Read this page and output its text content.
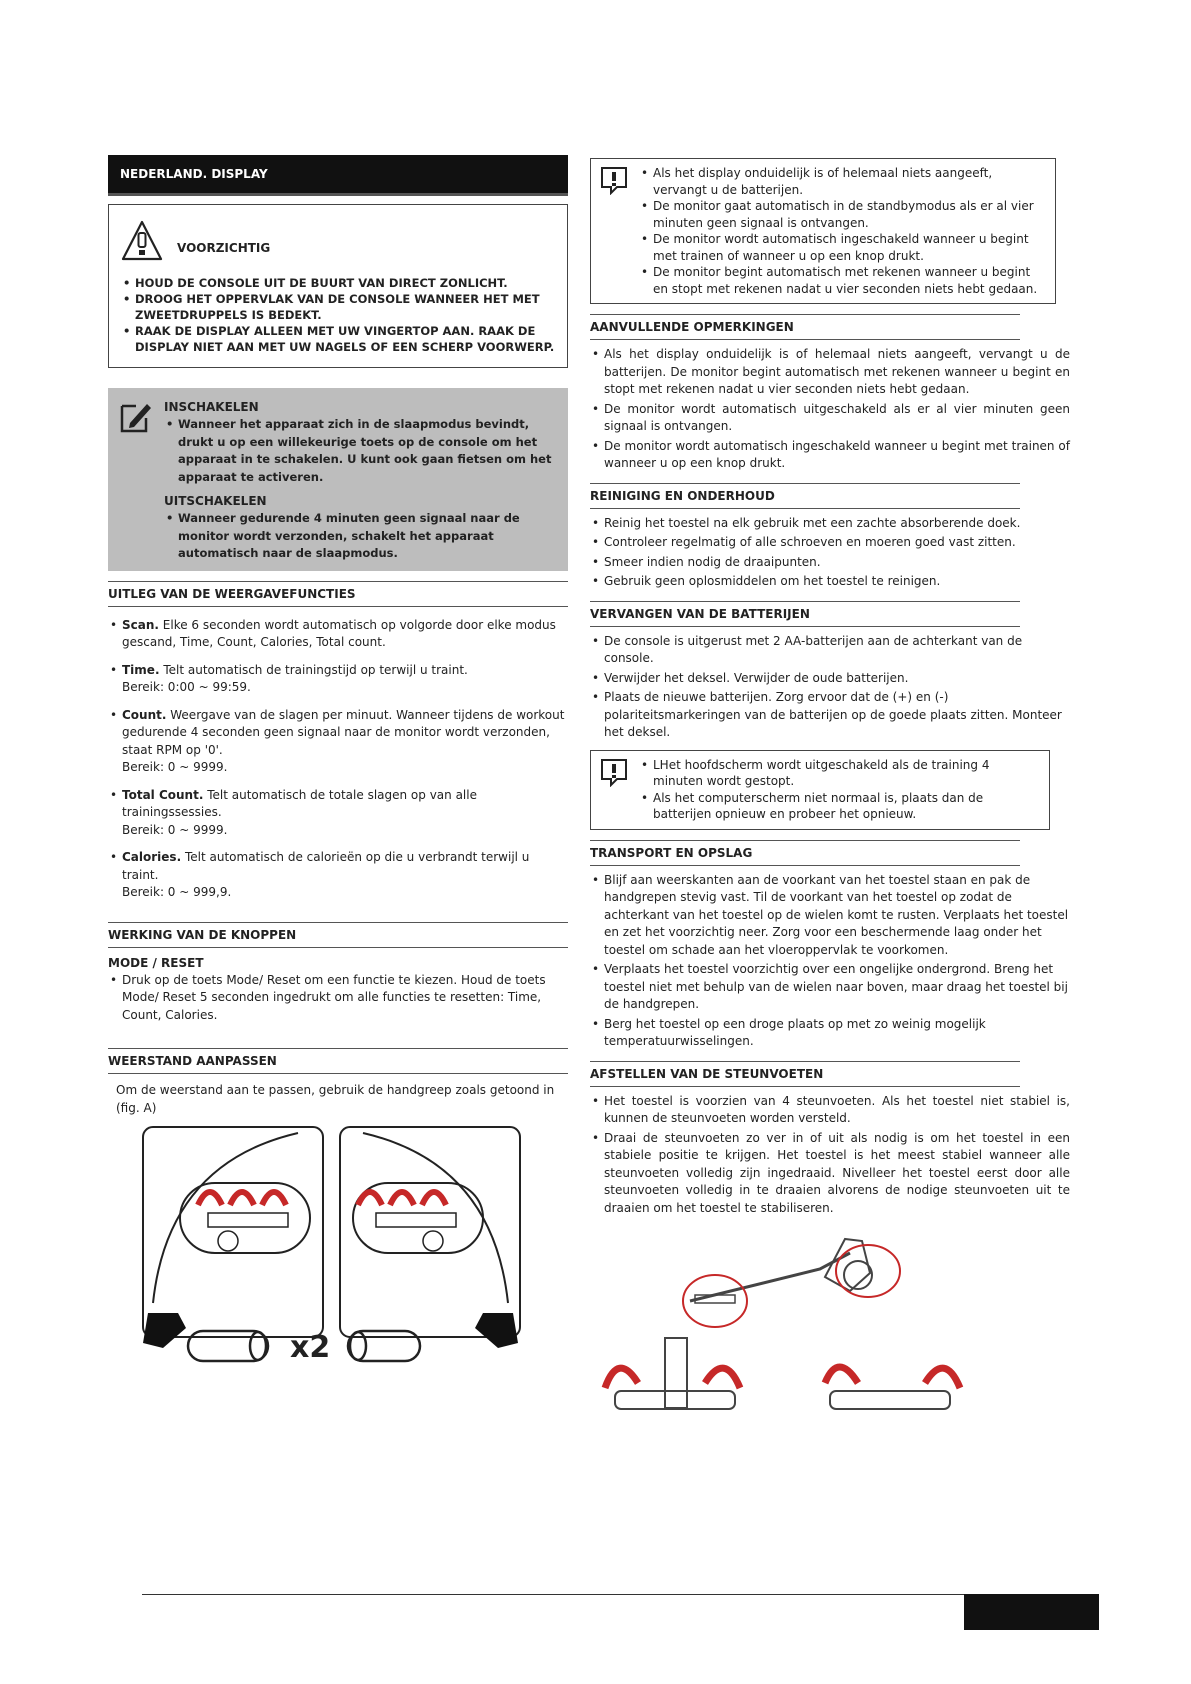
NEDERLAND. DISPLAY
VOORZICHTIG
• HOUD DE CONSOLE UIT DE BUURT VAN DIRECT ZONLICHT.
• DROOG HET OPPERVLAK VAN DE CONSOLE WANNEER HET MET ZWEETDRUPPELS IS BEDEKT.
• RAAK DE DISPLAY ALLEEN MET UW VINGERTOP AAN. RAAK DE DISPLAY NIET AAN MET UW NAGELS OF EEN SCHERP VOORWERP.
INSCHAKELEN
• Wanneer het apparaat zich in de slaapmodus bevindt, drukt u op een willekeurige toets op de console om het apparaat in te schakelen. U kunt ook gaan fietsen om het apparaat te activeren.
UITSCHAKELEN
• Wanneer gedurende 4 minuten geen signaal naar de monitor wordt verzonden, schakelt het apparaat automatisch naar de slaapmodus.
UITLEG VAN DE WEERGAVEFUNCTIES
• Scan. Elke 6 seconden wordt automatisch op volgorde door elke modus gescand, Time, Count, Calories, Total count.
• Time. Telt automatisch de trainingstijd op terwijl u traint.
Bereik: 0:00 ~ 99:59.
• Count. Weergave van de slagen per minuut. Wanneer tijdens de workout gedurende 4 seconden geen signaal naar de monitor wordt verzonden, staat RPM op '0'.
Bereik: 0 ~ 9999.
• Total Count. Telt automatisch de totale slagen op van alle trainingssessies.
Bereik: 0 ~ 9999.
• Calories. Telt automatisch de calorieën op die u verbrandt terwijl u traint.
Bereik: 0 ~ 999,9.
WERKING VAN DE KNOPPEN
MODE / RESET
• Druk op de toets Mode/ Reset om een functie te kiezen. Houd de toets Mode/ Reset 5 seconden ingedrukt om alle functies te resetten: Time, Count, Calories.
WEERSTAND AANPASSEN
Om de weerstand aan te passen, gebruik de handgreep zoals getoond in (fig. A)
x2
• Als het display onduidelijk is of helemaal niets aangeeft, vervangt u de batterijen.
• De monitor gaat automatisch in de standbymodus als er al vier minuten geen signaal is ontvangen.
• De monitor wordt automatisch ingeschakeld wanneer u begint met trainen of wanneer u op een knop drukt.
• De monitor begint automatisch met rekenen wanneer u begint en stopt met rekenen nadat u vier seconden niets hebt gedaan.
AANVULLENDE OPMERKINGEN
• Als het display onduidelijk is of helemaal niets aangeeft, vervangt u de batterijen. De monitor begint automatisch met rekenen wanneer u begint en stopt met rekenen nadat u vier seconden niets hebt gedaan.
• De monitor wordt automatisch uitgeschakeld als er al vier minuten geen signaal is ontvangen.
• De monitor wordt automatisch ingeschakeld wanneer u begint met trainen of wanneer u op een knop drukt.
REINIGING EN ONDERHOUD
• Reinig het toestel na elk gebruik met een zachte absorberende doek.
• Controleer regelmatig of alle schroeven en moeren goed vast zitten.
• Smeer indien nodig de draaipunten.
• Gebruik geen oplosmiddelen om het toestel te reinigen.
VERVANGEN VAN DE BATTERIJEN
• De console is uitgerust met 2 AA-batterijen aan de achterkant van de console.
• Verwijder het deksel. Verwijder de oude batterijen.
• Plaats de nieuwe batterijen. Zorg ervoor dat de (+) en (-) polariteitsmarkeringen van de batterijen op de goede plaats zitten. Monteer het deksel.
• LHet hoofdscherm wordt uitgeschakeld als de training 4 minuten wordt gestopt.
• Als het computerscherm niet normaal is, plaats dan de batterijen opnieuw en probeer het opnieuw.
TRANSPORT EN OPSLAG
• Blijf aan weerskanten aan de voorkant van het toestel staan en pak de handgrepen stevig vast. Til de voorkant van het toestel op zodat de achterkant van het toestel op de wielen komt te rusten. Verplaats het toestel en zet het voorzichtig neer. Zorg voor een beschermende laag onder het toestel om schade aan het vloeroppervlak te voorkomen.
• Verplaats het toestel voorzichtig over een ongelijke ondergrond. Breng het toestel niet met behulp van de wielen naar boven, maar draag het toestel bij de handgrepen.
• Berg het toestel op een droge plaats op met zo weinig mogelijk temperatuurwisselingen.
AFSTELLEN VAN DE STEUNVOETEN
• Het toestel is voorzien van 4 steunvoeten. Als het toestel niet stabiel is, kunnen de steunvoeten worden versteld.
• Draai de steunvoeten zo ver in of uit als nodig is om het toestel in een stabiele positie te krijgen. Het toestel is het meest stabiel wanneer alle steunvoeten volledig zijn ingedraaid. Nivelleer het toestel eerst door alle steunvoeten volledig in te draaien alvorens de nodige steunvoeten uit te draaien om het toestel te stabiliseren.
